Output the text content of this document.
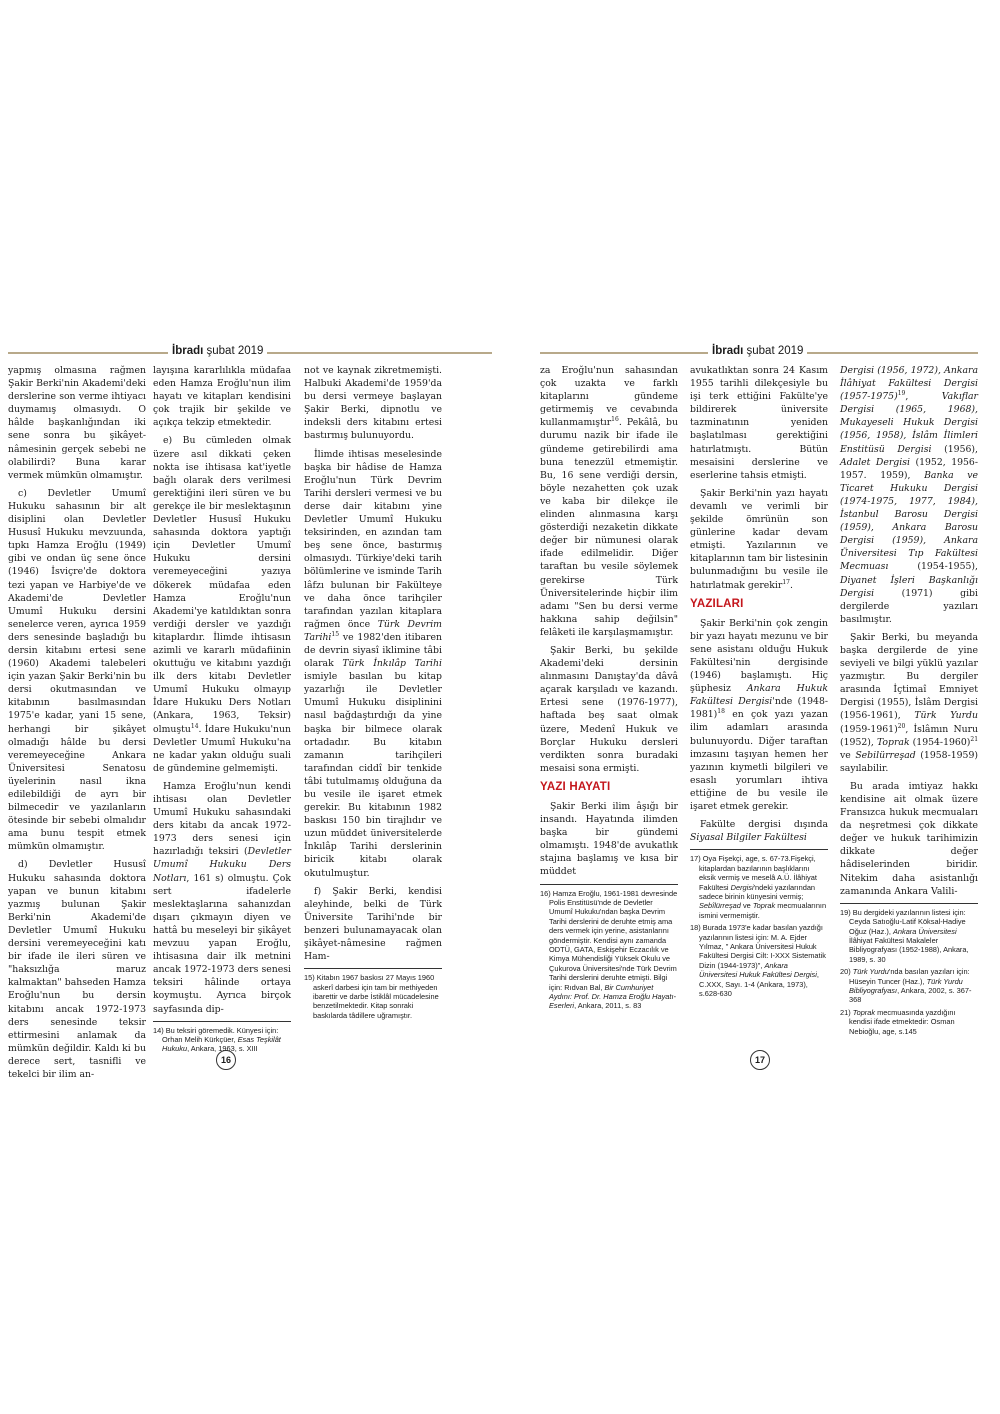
İbradı şubat 2019

yapmış olmasına rağmen Şakir Berki'nin Akademi'deki derslerine son verme ihtiyacı duymamış olmasıydı. O hâlde başkanlığından iki sene sonra bu şikâyet-nâmesinin gerçek sebebi ne olabilirdi? Buna karar vermek mümkün olmamıştır.

c) Devletler Umumî Hukuku sahasının bir alt disiplini olan Devletler Hususî Hukuku mevzuunda, tıpkı Hamza Eroğlu (1949) gibi ve ondan üç sene önce (1946) İsviçre'de doktora tezi yapan ve Harbiye'de ve Akademi'de Devletler Umumî Hukuku dersini senelerce veren, ayrıca 1959 ders senesinde başladığı bu dersin kitabını ertesi sene (1960) Akademi talebeleri için yazan Şakir Berki'nin bu dersi okutmasından ve kitabının basılmasından 1975'e kadar, yani 15 sene, herhangi bir şikâyet olmadığı hâlde bu dersi veremeyeceğine Ankara Üniversitesi Senatosu üyelerinin nasıl ikna edilebildiği de ayrı bir bilmecedir ve yazılanların ötesinde bir sebebi olmalıdır ama bunu tespit etmek mümkün olmamıştır.

d) Devletler Hususî Hukuku sahasında doktora yapan ve bunun kitabını yazmış bulunan Şakir Berki'nin Akademi'de Devletler Umumî Hukuku dersini veremeyeceğini katı bir ifade ile ileri süren ve "haksızlığa maruz kalmaktan" bahseden Hamza Eroğlu'nun bu dersin kitabını ancak 1972-1973 ders senesinde teksir ettirmesini anlamak da mümkün değildir. Kaldı ki bu derece sert, tasnifli ve tekelci bir ilim an-

layışına kararlılıkla müdafaa eden Hamza Eroğlu'nun ilim hayatı ve kitapları kendisini çok trajik bir şekilde ve açıkça tekzip etmektedir.

e) Bu cümleden olmak üzere asıl dikkati çeken nokta ise ihtisasa kat'iyetle bağlı olarak ders verilmesi gerektiğini ileri süren ve bu gerekçe ile bir meslektaşının Devletler Hususî Hukuku sahasında doktora yaptığı için Devletler Umumî Hukuku dersini veremeyeceğini yazıya dökerek müdafaa eden Hamza Eroğlu'nun Akademi'ye katıldıktan sonra verdiği dersler ve yazdığı kitaplardır. İlimde ihtisasın azimli ve kararlı müdafiinin okuttuğu ve kitabını yazdığı ilk ders kitabı Devletler Umumî Hukuku olmayıp İdare Hukuku Ders Notları (Ankara, 1963, Teksir) olmuştu$^{14}$. İdare Hukuku'nun Devletler Umumî Hukuku'na ne kadar yakın olduğu suali de gündemine gelmemişti.

Hamza Eroğlu'nun kendi ihtisası olan Devletler Umumî Hukuku sahasındaki ders kitabı da ancak 1972-1973 ders senesi için hazırladığı teksiri (Devletler Umumî Hukuku Ders Notları, 161 s) olmuştu. Çok sert ifadelerle meslektaşlarına sahanızdan dışarı çıkmayın diyen ve hattâ bu meseleyi bir şikâyet mevzuu yapan Eroğlu, ihtisasına dair ilk metnini ancak 1972-1973 ders senesi teksiri hâlinde ortaya koymuştu. Ayrıca birçok sayfasında dip-

14) Bu teksiri göremedik. Künyesi için: Orhan Melih Kürkçüer, Esas Teşkilât Hukuku, Ankara, 1963, s. XIII

not ve kaynak zikretmemişti. Halbuki Akademi'de 1959'da bu dersi vermeye başlayan Şakir Berki, dipnotlu ve indeksli ders kitabını ertesi bastırmış bulunuyordu.

İlimde ihtisas meselesinde başka bir hâdise de Hamza Eroğlu'nun Türk Devrim Tarihi dersleri vermesi ve bu derse dair kitabını yine Devletler Umumî Hukuku teksirinden, en azından tam beş sene önce, bastırmış olmasıydı. Türkiye'deki tarih bölümlerine ve isminde Tarih lâfzı bulunan bir Fakülteye ve daha önce tarihçiler tarafından yazılan kitaplara rağmen önce Türk Devrim Tarihi$^{15}$ ve 1982'den itibaren de devrin siyasî iklimine tâbi olarak Türk İnkılâp Tarihi ismiyle basılan bu kitap yazarlığı ile Devletler Umumî Hukuku disiplinini nasıl bağdaştırdığı da yine başka bir bilmece olarak ortadadır. Bu kitabın zamanın tarihçileri tarafından ciddî bir tenkide tâbi tutulmamış olduğuna da bu vesile ile işaret etmek gerekir. Bu kitabının 1982 baskısı 150 bin tirajlıdır ve uzun müddet üniversitelerde İnkılâp Tarihi derslerinin biricik kitabı olarak okutulmuştur.

f) Şakir Berki, kendisi aleyhinde, belki de Türk Üniversite Tarihi'nde bir benzeri bulunamayacak olan şikâyet-nâmesine rağmen Ham-

15) Kitabın 1967 baskısı 27 Mayıs 1960 askerî darbesi için tam bir methiyeden ibarettir ve darbe İstiklâl mücadelesine benzetilmektedir. Kitap sonraki baskılarda tâdillere uğramıştır.
16
İbradı şubat 2019

za Eroğlu'nun sahasından çok uzakta ve farklı kitaplarını gündeme getirmemiş ve cevabında kullanmamıştır$^{16}$. Pekâlâ, bu durumu nazik bir ifade ile gündeme getirebilirdi ama buna tenezzül etmemiştir. Bu, 16 sene verdiği dersin, böyle nezahetten çok uzak ve kaba bir dilekçe ile elinden alınmasına karşı gösterdiği nezaketin dikkate değer bir nümunesi olarak ifade edilmelidir. Diğer taraftan bu vesile söylemek gerekirse Türk Üniversitelerinde hiçbir ilim adamı "Sen bu dersi verme hakkına sahip değilsin" felâketi ile karşılaşmamıştır.

Şakir Berki, bu şekilde Akademi'deki dersinin alınmasını Danıştay'da dâvâ açarak karşıladı ve kazandı. Ertesi sene (1976-1977), haftada beş saat olmak üzere, Medenî Hukuk ve Borçlar Hukuku dersleri verdikten sonra buradaki mesaisi sona ermişti.

YAZI HAYATI

Şakir Berki ilim âşığı bir insandı. Hayatında ilimden başka bir gündemi olmamıştı. 1948'de avukatlık stajına başlamış ve kısa bir müddet

16) Hamza Eroğlu, 1961-1981 devresinde Polis Enstitüsü'nde de Devletler Umumî Hukuku'ndan başka Devrim Tarihi derslerini de deruhte etmiş ama ders vermek için yerine, asistanlarını göndermiştir. Kendisi aynı zamanda ODTÜ, GATA, Eskişehir Eczacılık ve Kimya Mühendisliği Yüksek Okulu ve Çukurova Üniversitesi'nde Türk Devrim Tarihi derslerini deruhte etmişti. Bilgi için: Rıdvan Bal, Bir Cumhuriyet Aydını: Prof. Dr. Hamza Eroğlu Hayatı-Eserleri, Ankara, 2011, s. 83

avukatlıktan sonra 24 Kasım 1955 tarihli dilekçesiyle bu işi terk ettiğini Fakülte'ye bildirerek üniversite tazminatının yeniden başlatılması gerektiğini hatırlatmıştı. Bütün mesaisini derslerine ve eserlerine tahsis etmişti.

Şakir Berki'nin yazı hayatı devamlı ve verimli bir şekilde ömrünün son günlerine kadar devam etmişti. Yazılarının ve kitaplarının tam bir listesinin bulunmadığını bu vesile ile hatırlatmak gerekir$^{17}$.

YAZILARI

Şakir Berki'nin çok zengin bir yazı hayatı mezunu ve bir sene asistanı olduğu Hukuk Fakültesi'nin dergisinde (1946) başlamıştı. Hiç şüphesiz Ankara Hukuk Fakültesi Dergisi'nde (1948-1981)$^{18}$ en çok yazı yazan ilim adamları arasında bulunuyordu. Diğer taraftan imzasını taşıyan hemen her yazının kıymetli bilgileri ve esaslı yorumları ihtiva ettiğine de bu vesile ile işaret etmek gerekir.

Fakülte dergisi dışında Siyasal Bilgiler Fakültesi

17) Oya Fişekçi, age, s. 67-73.Fişekçi, kitaplardan bazılarının başlıklarını eksik vermiş ve meselâ A.Ü. İlâhiyat Fakültesi Dergisi'ndeki yazılarından sadece birinin künyesini vermiş; Sebîlürreşad ve Toprak mecmualarının ismini vermemiştir.
18) Burada 1973'e kadar basılan yazdığı yazılarının listesi için: M. A. Ejder Yılmaz, " Ankara Üniversitesi Hukuk Fakültesi Dergisi Cilt: I-XXX Sistematik Dizin (1944-1973)", Ankara Üniversitesi Hukuk Fakültesi Dergisi, C.XXX, Sayı. 1-4 (Ankara, 1973), s.628-630

Dergisi (1956, 1972), Ankara İlâhiyat Fakültesi Dergisi (1957-1975)$^{19}$, Vakıflar Dergisi (1965, 1968), Mukayeseli Hukuk Dergisi (1956, 1958), İslâm İlimleri Enstitüsü Dergisi (1956), Adalet Dergisi (1952, 1956-1957. 1959), Banka ve Ticaret Hukuku Dergisi (1974-1975, 1977, 1984), İstanbul Barosu Dergisi (1959), Ankara Barosu Dergisi (1959), Ankara Üniversitesi Tıp Fakültesi Mecmuası (1954-1955), Diyanet İşleri Başkanlığı Dergisi (1971) gibi dergilerde yazıları basılmıştır.

Şakir Berki, bu meyanda başka dergilerde de yine seviyeli ve bilgi yüklü yazılar yazmıştır. Bu dergiler arasında İçtimaî Emniyet Dergisi (1955), İslâm Dergisi (1956-1961), Türk Yurdu (1959-1961)$^{20}$, İslâmın Nuru (1952), Toprak (1954-1960)$^{21}$ ve Sebilürreşad (1958-1959) sayılabilir.

Bu arada imtiyaz hakkı kendisine ait olmak üzere Fransızca hukuk mecmuaları da neşretmesi çok dikkate değer ve hukuk tarihimizin dikkate değer hâdiselerinden biridir. Nitekim daha asistanlığı zamanında Ankara Valili-

19) Bu dergideki yazılarının listesi için: Ceyda Satıoğlu-Latif Köksal-Hadiye Oğuz (Haz.), Ankara Üniversitesi İlâhiyat Fakültesi Makaleler Bibliyografyası (1952-1988), Ankara, 1989, s. 30
20) Türk Yurdu'nda basılan yazıları için: Hüseyin Tuncer (Haz.), Türk Yurdu Bibliyografyası, Ankara, 2002, s. 367-368
21) Toprak mecmuasında yazdığını kendisi ifade etmektedir: Osman Nebioğlu, age, s.145
17
